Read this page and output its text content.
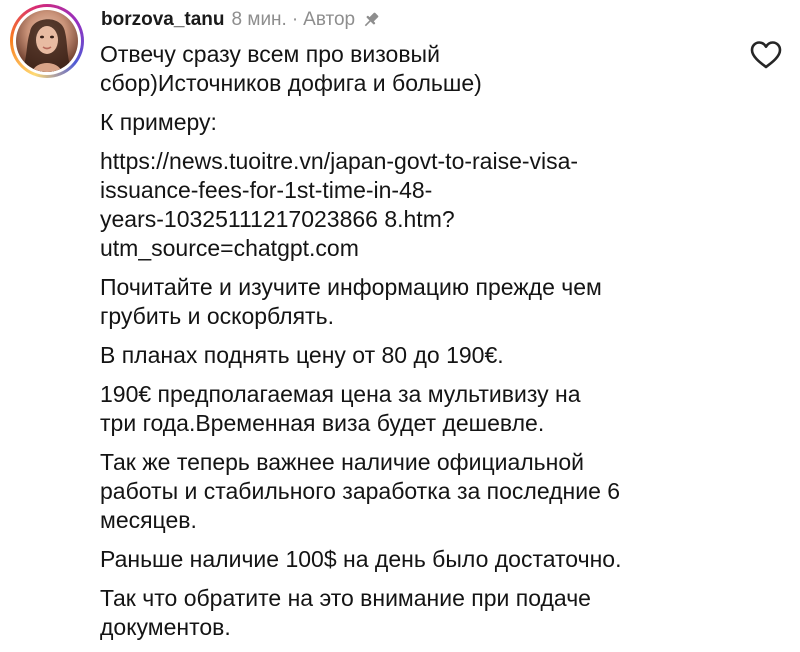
borzova_tanu 8 мин. · Автор

Отвечу сразу всем про визовый
сбор)Источников дофига и больше)

К примеру:

https://news.tuoitre.vn/japan-govt-to-raise-visa-
issuance-fees-for-1st-time-in-48-
years-10325111217023866 8.htm?
utm_source=chatgpt.com

Почитайте и изучите информацию прежде чем
грубить и оскорблять.

В планах поднять цену от 80 до 190€.

190€ предполагаемая цена за мультивизу на
три года.Временная виза будет дешевле.

Так же теперь важнее наличие официальной
работы и стабильного заработка за последние 6
месяцев.

Раньше наличие 100$ на день было достаточно.

Так что обратите на это внимание при подаче
документов.
